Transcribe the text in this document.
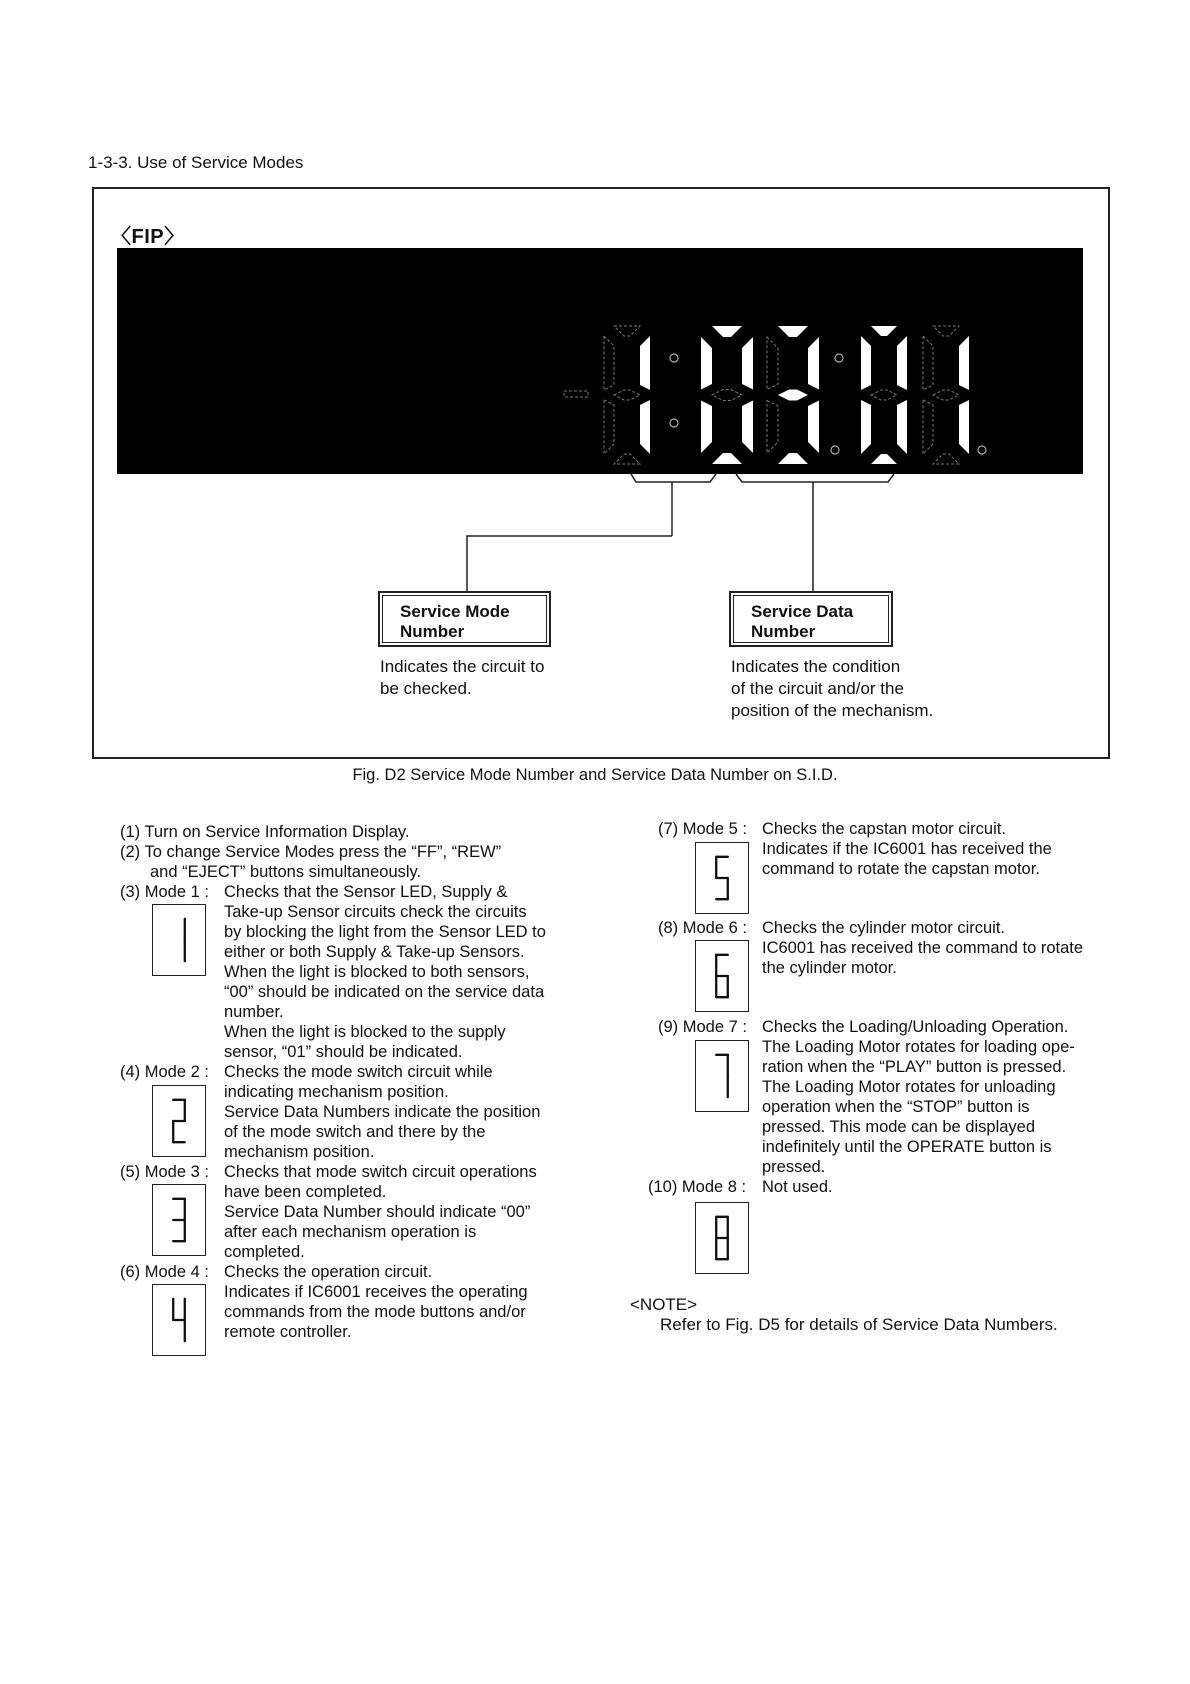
1-3-3. Use of Service Modes
〈FIP〉
Service Mode
Number
Indicates the circuit to
be checked.
Service Data
Number
Indicates the condition
of the circuit and/or the
position of the mechanism.
Fig. D2 Service Mode Number and Service Data Number on S.I.D.
(1) Turn on Service Information Display.
(2) To change Service Modes press the “FF”, “REW”
and “EJECT” buttons simultaneously.
(3) Mode 1 : Checks that the Sensor LED, Supply &
Take-up Sensor circuits check the circuits
by blocking the light from the Sensor LED to
either or both Supply & Take-up Sensors.
When the light is blocked to both sensors,
“00” should be indicated on the service data
number.
When the light is blocked to the supply
sensor, “01” should be indicated.
(4) Mode 2 : Checks the mode switch circuit while
indicating mechanism position.
Service Data Numbers indicate the position
of the mode switch and there by the
mechanism position.
(5) Mode 3 : Checks that mode switch circuit operations
have been completed.
Service Data Number should indicate “00”
after each mechanism operation is
completed.
(6) Mode 4 : Checks the operation circuit.
Indicates if IC6001 receives the operating
commands from the mode buttons and/or
remote controller.
(7) Mode 5 : Checks the capstan motor circuit.
Indicates if the IC6001 has received the
command to rotate the capstan motor.
(8) Mode 6 : Checks the cylinder motor circuit.
IC6001 has received the command to rotate
the cylinder motor.
(9) Mode 7 : Checks the Loading/Unloading Operation.
The Loading Motor rotates for loading ope-
ration when the “PLAY” button is pressed.
The Loading Motor rotates for unloading
operation when the “STOP” button is
pressed. This mode can be displayed
indefinitely until the OPERATE button is
pressed.
(10) Mode 8 : Not used.
<NOTE>
Refer to Fig. D5 for details of Service Data Numbers.
